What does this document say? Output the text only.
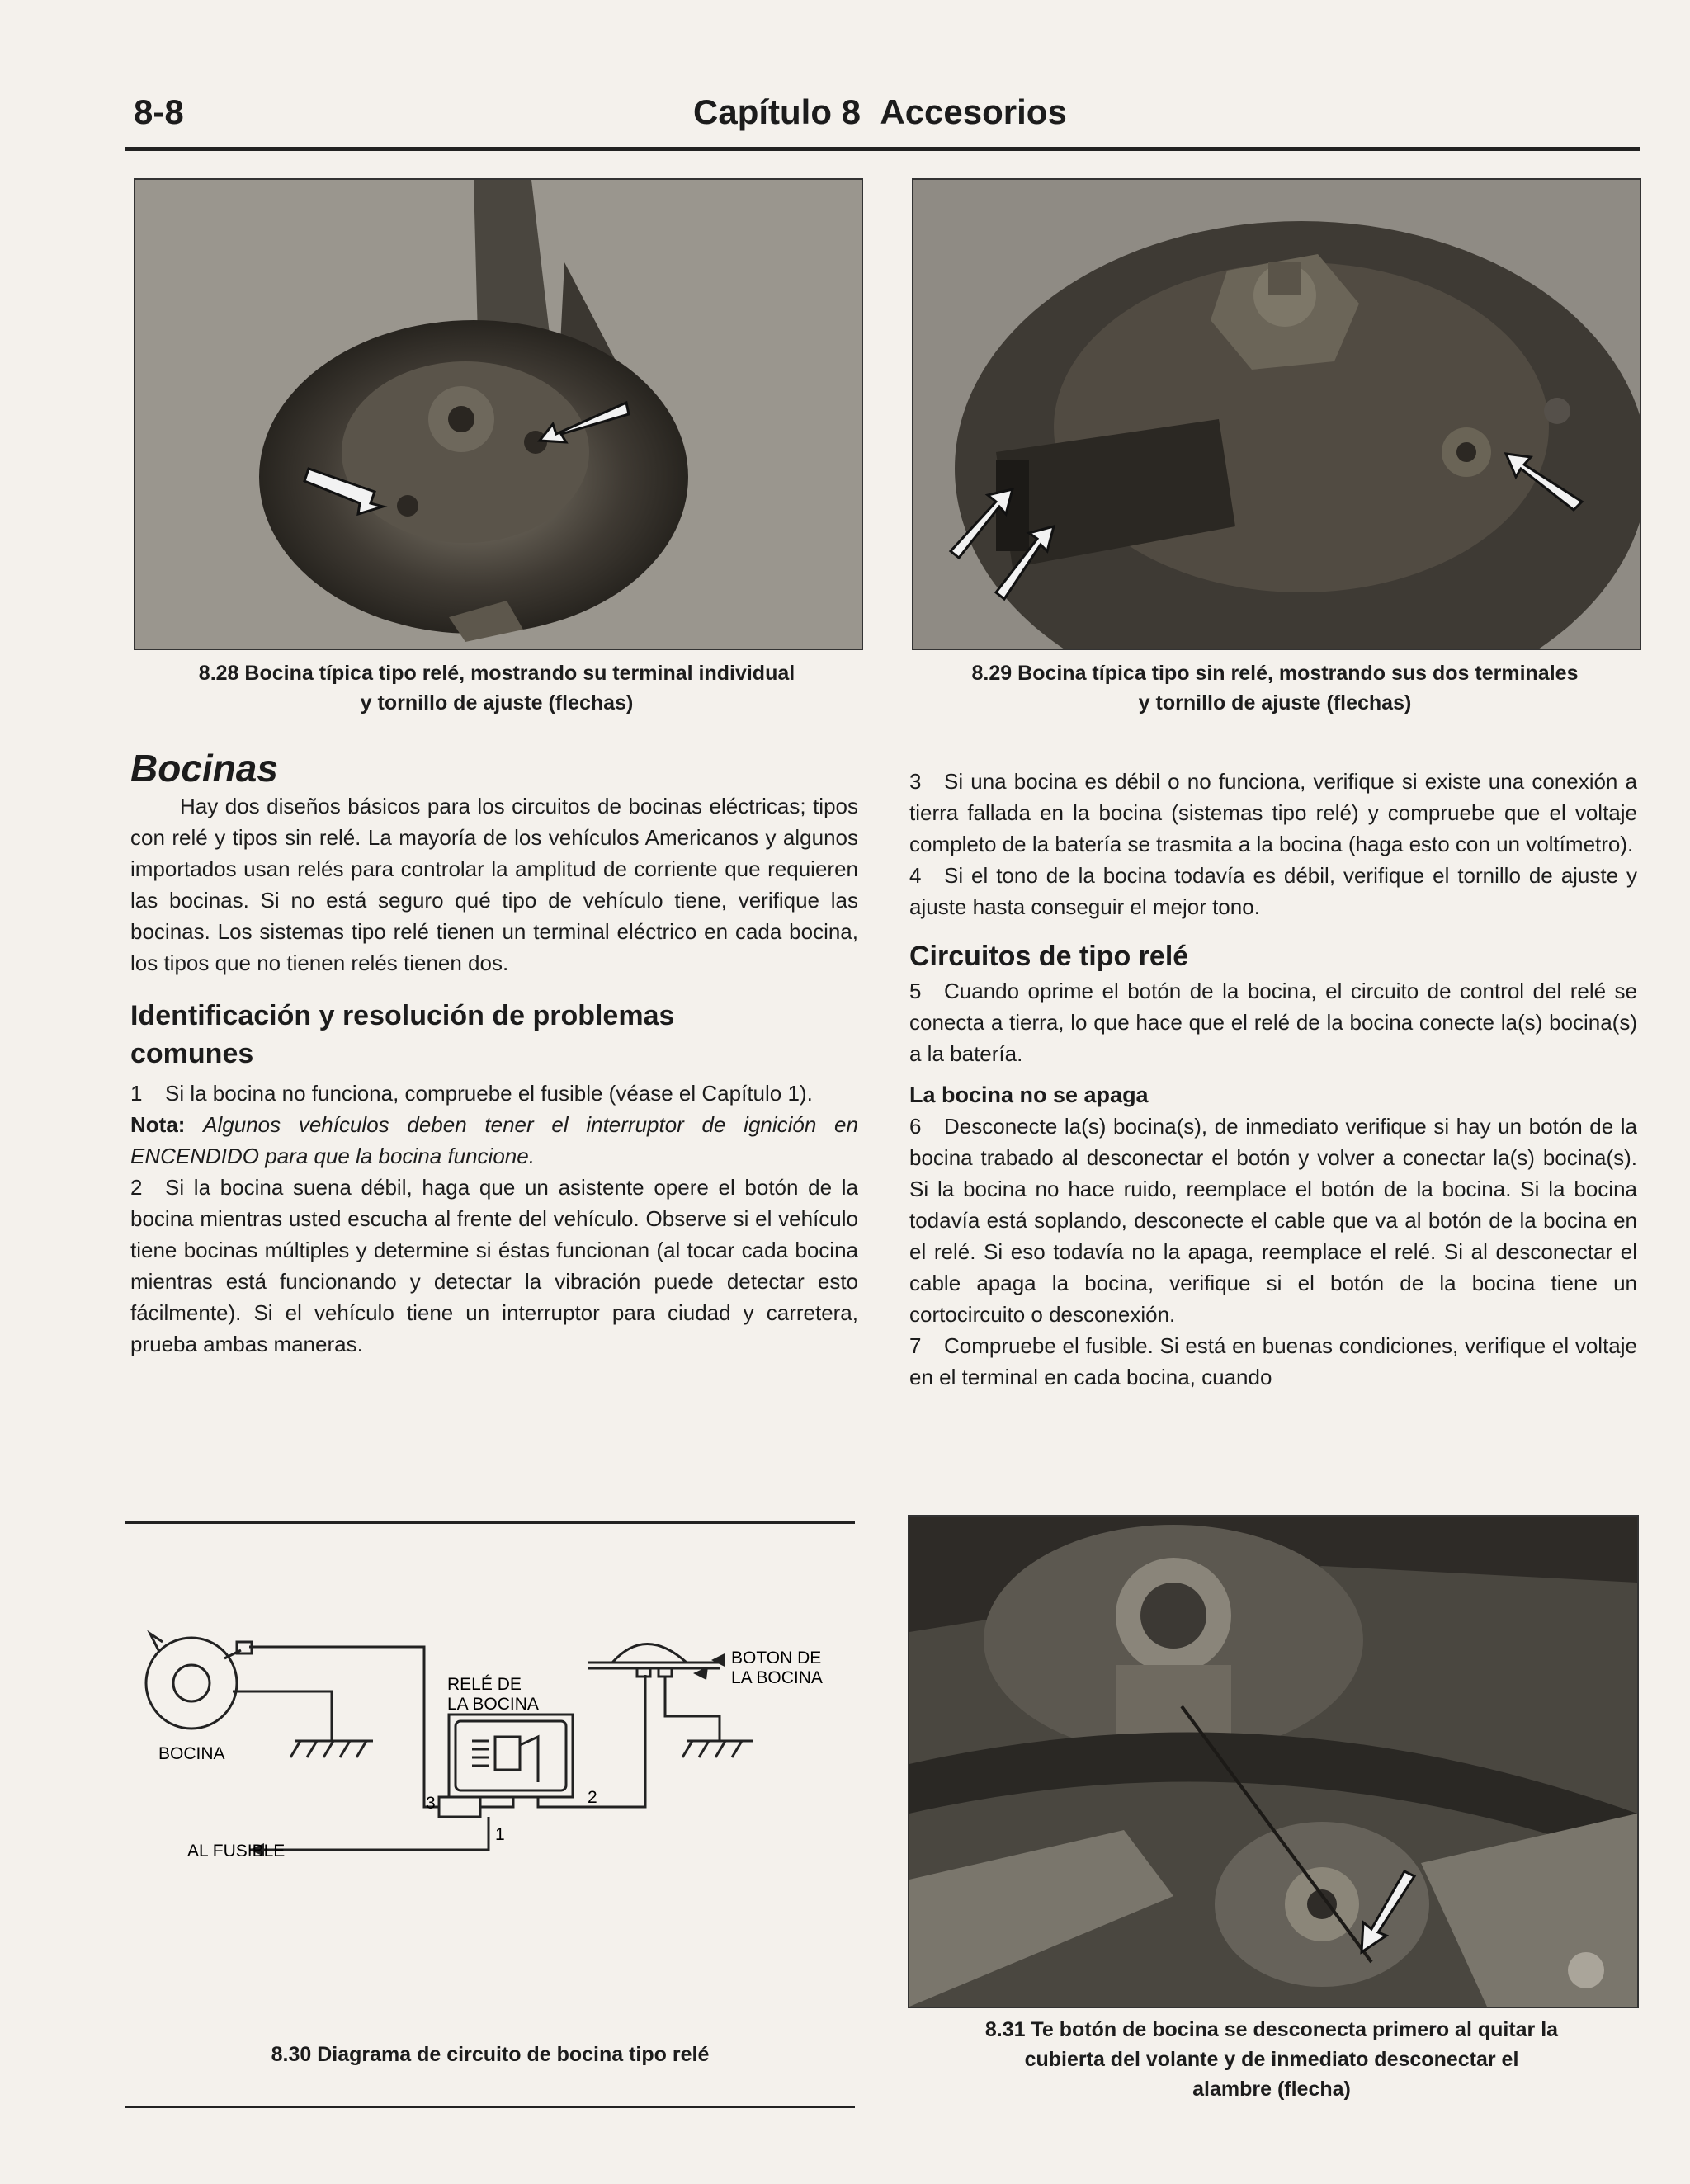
8-8	Capítulo 8 Accesorios
8.28 Bocina típica tipo relé, mostrando su terminal individual
y tornillo de ajuste (flechas)
8.29 Bocina típica tipo sin relé, mostrando sus dos terminales
y tornillo de ajuste (flechas)
Bocinas

Hay dos diseños básicos para los circuitos de bocinas eléctricas; tipos con relé y tipos sin relé. La mayoría de los vehículos Americanos y algunos importados usan relés para controlar la amplitud de corriente que requieren las bocinas. Si no está seguro qué tipo de vehículo tiene, verifique las bocinas. Los sistemas tipo relé tienen un terminal eléctrico en cada bocina, los tipos que no tienen relés tienen dos.

Identificación y resolución de problemas
comunes

1 Si la bocina no funciona, compruebe el fusible (véase el Capítulo 1).

Nota: Algunos vehículos deben tener el interruptor de ignición en ENCENDIDO para que la bocina funcione.

2 Si la bocina suena débil, haga que un asistente opere el botón de la bocina mientras usted escucha al frente del vehículo. Observe si el vehículo tiene bocinas múltiples y determine si éstas funcionan (al tocar cada bocina mientras está funcionando y detectar la vibración puede detectar esto fácilmente). Si el vehículo tiene un interruptor para ciudad y carretera, prueba ambas maneras.

3 Si una bocina es débil o no funciona, verifique si existe una conexión a tierra fallada en la bocina (sistemas tipo relé) y compruebe que el voltaje completo de la batería se trasmita a la bocina (haga esto con un voltímetro).

4 Si el tono de la bocina todavía es débil, verifique el tornillo de ajuste y ajuste hasta conseguir el mejor tono.

Circuitos de tipo relé

5 Cuando oprime el botón de la bocina, el circuito de control del relé se conecta a tierra, lo que hace que el relé de la bocina conecte la(s) bocina(s) a la batería.

La bocina no se apaga

6 Desconecte la(s) bocina(s), de inmediato verifique si hay un botón de la bocina trabado al desconectar el botón y volver a conectar la(s) bocina(s). Si la bocina no hace ruido, reemplace el botón de la bocina. Si la bocina todavía está soplando, desconecte el cable que va al botón de la bocina en el relé. Si eso todavía no la apaga, reemplace el relé. Si al desconectar el cable apaga la bocina, verifique si el botón de la bocina tiene un cortocircuito o desconexión.

7 Compruebe el fusible. Si está en buenas condiciones, verifique el voltaje en el terminal en cada bocina, cuando

RELÉ DE
LA BOCINA
BOTON DE
LA BOCINA
BOCINA
AL FUSIBLE
3	2
1
8.30 Diagrama de circuito de bocina tipo relé
8.31 Te botón de bocina se desconecta primero al quitar la
cubierta del volante y de inmediato desconectar el
alambre (flecha)
